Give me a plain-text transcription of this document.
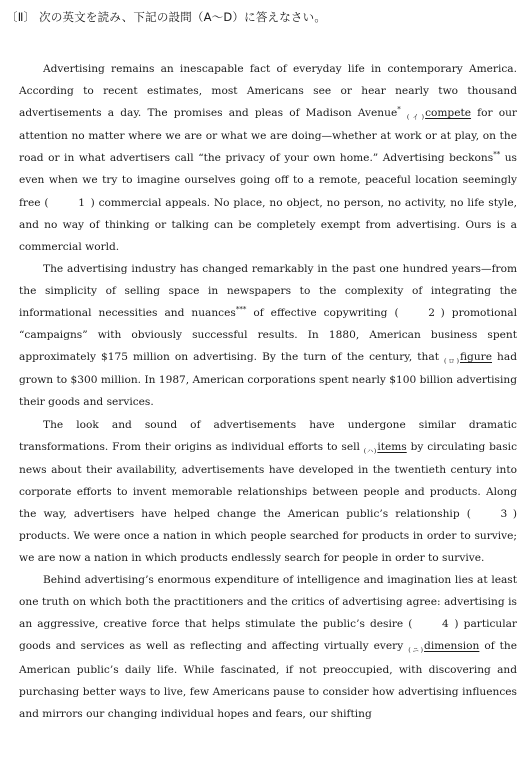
〔Ⅱ〕 次の英文を読み、下記の設問（A〜D）に答えなさい。

Advertising remains an inescapable fact of everyday life in contemporary America. According to recent estimates, most Americans see or hear nearly two thousand advertisements a day. The promises and pleas of Madison Avenue* $_{(イ)}$compete for our attention no matter where we are or what we are doing—whether at work or at play, on the road or in what advertisers call “the privacy of your own home.” Advertising beckons** us even when we try to imagine ourselves going off to a remote, peaceful location seemingly free (	1 ) commercial appeals. No place, no object, no person, no activity, no life style, and no way of thinking or talking can be completely exempt from advertising. Ours is a commercial world.

The advertising industry has changed remarkably in the past one hundred years—from the simplicity of selling space in newspapers to the complexity of integrating the informational necessities and nuances*** of effective copywriting (	2 ) promotional “campaigns” with obviously successful results. In 1880, American business spent approximately $175 million on advertising. By the turn of the century, that $_{(ロ)}$figure had grown to $300 million. In 1987, American corporations spent nearly $100 billion advertising their goods and services.

The look and sound of advertisements have undergone similar dramatic transformations. From their origins as individual efforts to sell $_{(ハ)}$items by circulating basic news about their availability, advertisements have developed in the twentieth century into corporate efforts to invent memorable relationships between people and products. Along the way, advertisers have helped change the American public’s relationship (	3 ) products. We were once a nation in which people searched for products in order to survive; we are now a nation in which products endlessly search for people in order to survive.

Behind advertising’s enormous expenditure of intelligence and imagination lies at least one truth on which both the practitioners and the critics of advertising agree: advertising is an aggressive, creative force that helps stimulate the public’s desire (	4 ) particular goods and services as well as reflecting and affecting virtually every $_{(ニ)}$dimension of the American public’s daily life. While fascinated, if not preoccupied, with discovering and purchasing better ways to live, few Americans pause to consider how advertising influences and mirrors our changing individual hopes and fears, our shifting
